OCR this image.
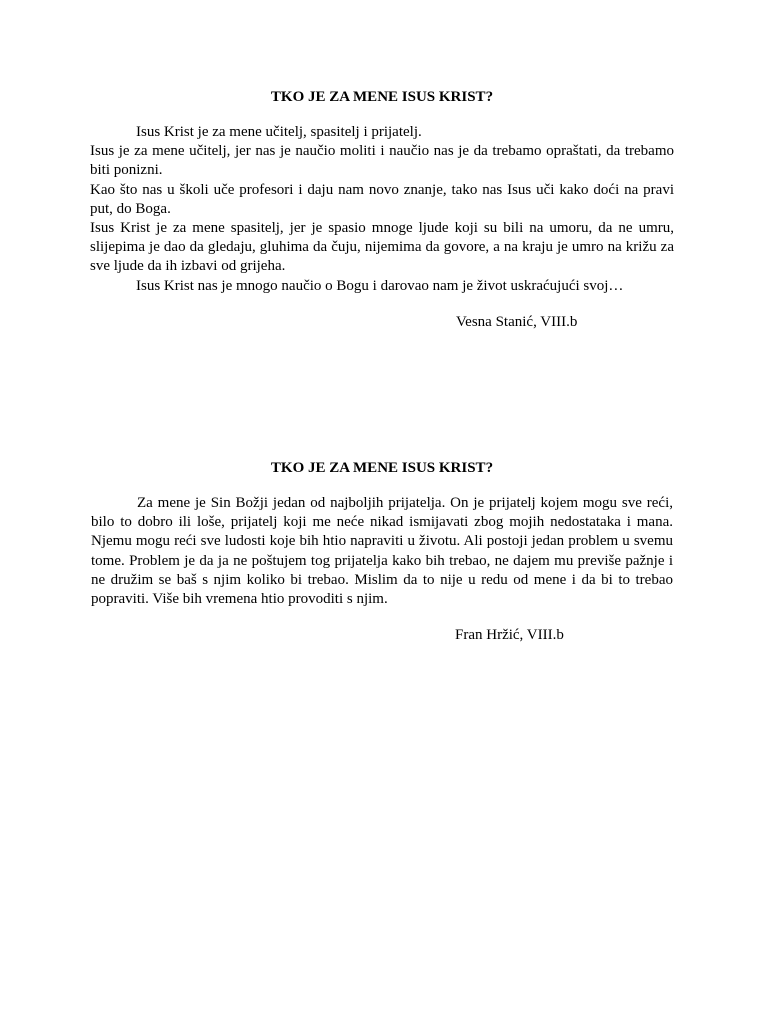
TKO JE ZA MENE ISUS KRIST?

Isus Krist je za mene učitelj, spasitelj i prijatelj.

Isus je za mene učitelj, jer nas je naučio moliti i naučio nas je da trebamo opraštati, da trebamo biti ponizni.

Kao što nas u školi uče profesori i daju nam novo znanje, tako nas Isus uči kako doći na pravi put, do Boga.

Isus Krist je za mene spasitelj, jer je spasio mnoge ljude koji su bili na umoru, da ne umru, slijepima je dao da gledaju, gluhima da čuju, nijemima da govore, a na kraju je umro na križu za sve ljude da ih izbavi od grijeha.

Isus Krist nas je mnogo naučio o Bogu i darovao nam je život uskraćujući svoj…

Vesna Stanić, VIII.b

TKO JE ZA MENE ISUS KRIST?

Za mene je Sin Božji jedan od najboljih prijatelja. On je prijatelj kojem mogu sve reći, bilo to dobro ili loše, prijatelj koji me neće nikad ismijavati zbog mojih nedostataka i mana. Njemu mogu reći sve ludosti koje bih htio napraviti u životu. Ali postoji jedan problem u svemu tome. Problem je da ja ne poštujem tog prijatelja kako bih trebao, ne dajem mu previše pažnje i ne družim se baš s njim koliko bi trebao. Mislim da to nije u redu od mene i da bi to trebao popraviti. Više bih vremena htio provoditi s njim.

Fran Hržić, VIII.b
